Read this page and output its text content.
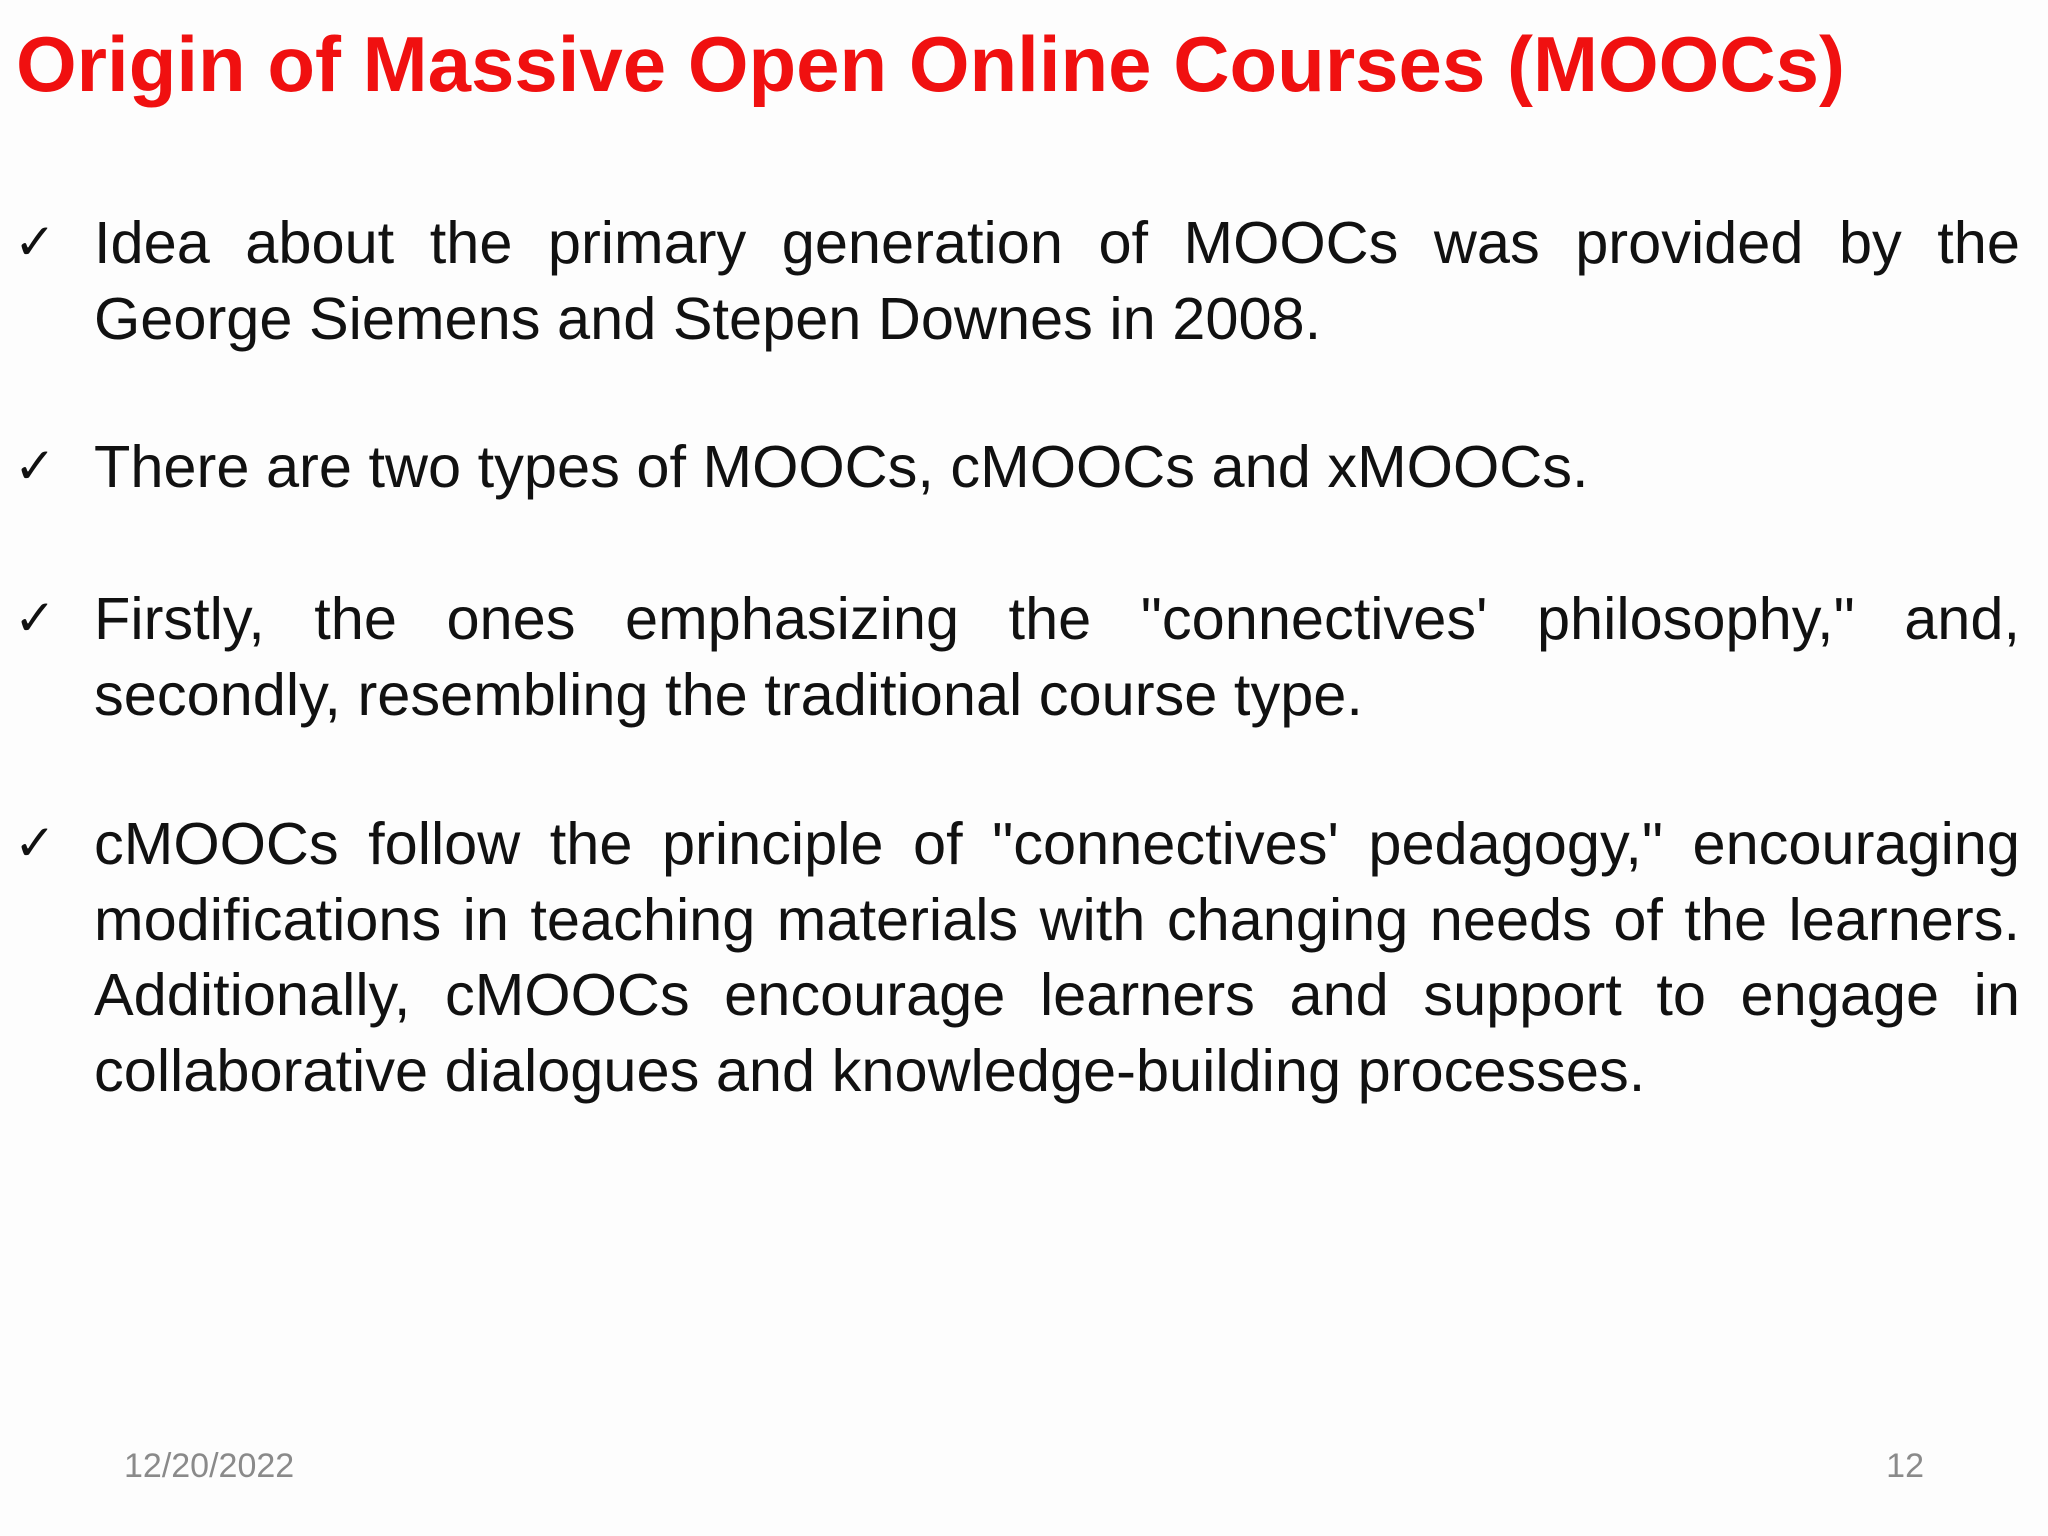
Origin of Massive Open Online Courses (MOOCs)
✓ Idea about the primary generation of MOOCs was provided by the George Siemens and Stepen Downes in 2008.
✓ There are two types of MOOCs, cMOOCs and xMOOCs.
✓ Firstly, the ones emphasizing the "connectives' philosophy," and, secondly, resembling the traditional course type.
✓ cMOOCs follow the principle of "connectives' pedagogy," encouraging modifications in teaching materials with changing needs of the learners. Additionally, cMOOCs encourage learners and support to engage in collaborative dialogues and knowledge-building processes.
12/20/2022	12
